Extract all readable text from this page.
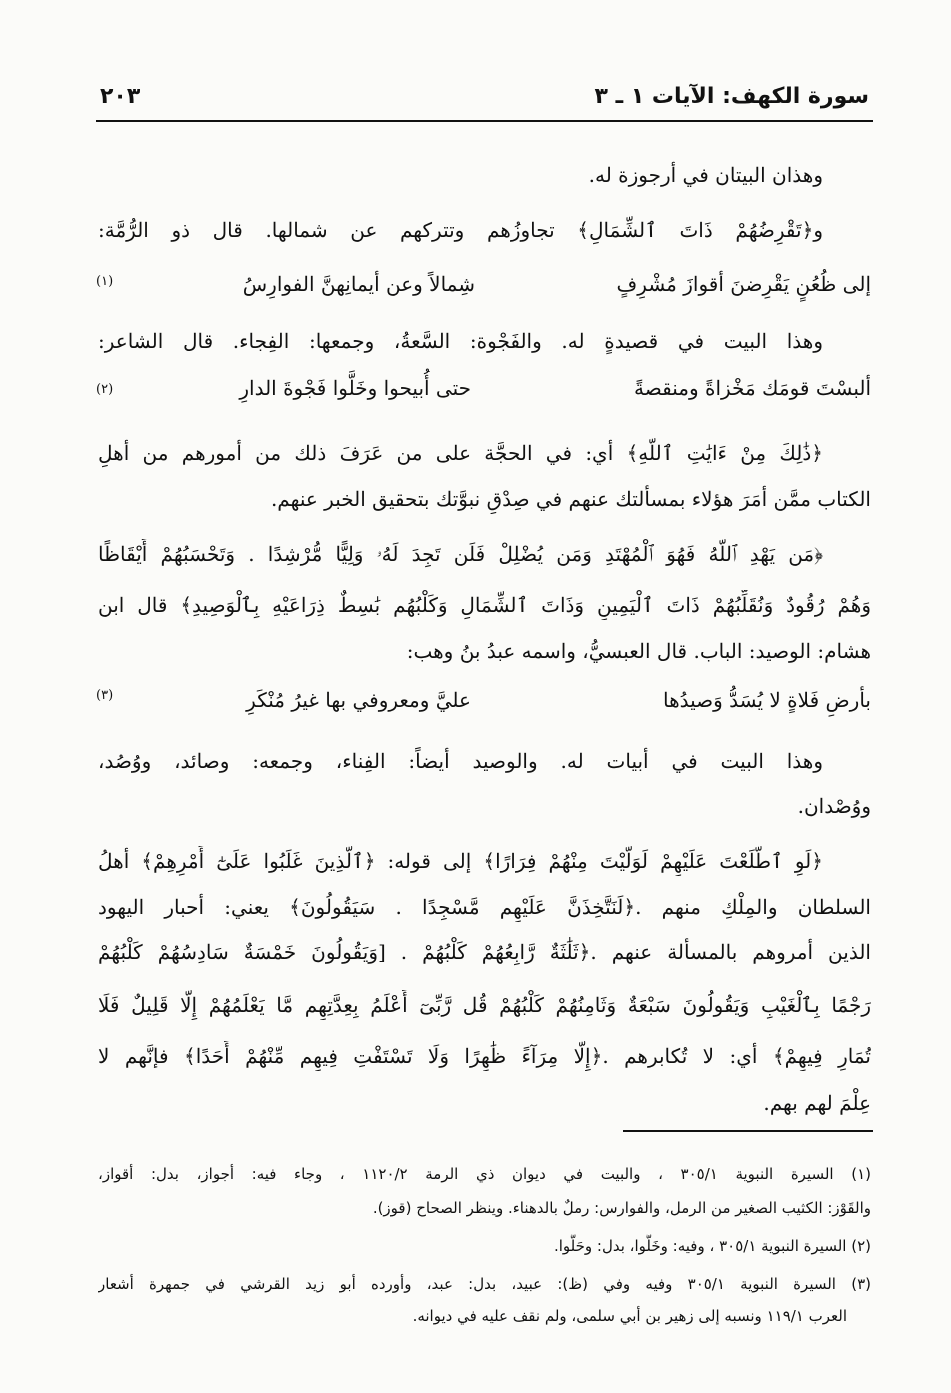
سورة الكهف: الآيات ١ ـ ٣
٢٠٣
وهذان البيتان في أرجوزة له.
و﴿تَقْرِضُهُمْ ذَاتَ ٱلشِّمَالِ﴾ تجاوزُهم وتتركهم عن شمالها. قال ذو الرُّمَّة:
إلى ظُعُنٍ يَقْرِضنَ أقوازَ مُشْرِفٍ
شِمالاً وعن أيمانِهنَّ الفوارِسُ
(١)
وهذا البيت في قصيدةٍ له. والفَجْوة: السَّعةُ، وجمعها: الفِجاء. قال الشاعر:
ألبسْتَ قومَك مَخْزاةً ومنقصةً
حتى أُبيحوا وخَلَّوا فَجْوةَ الدارِ
(٢)
﴿ذَٰلِكَ مِنْ ءَايَٰتِ ٱللَّهِ﴾ أي: في الحجَّة على من عَرَفَ ذلك من أمورهم من أهلِ
الكتاب ممَّن أمَرَ هؤلاء بمسألتك عنهم في صِدْقِ نبوَّتك بتحقيق الخبر عنهم.
﴿مَن يَهْدِ ٱللَّهُ فَهُوَ ٱلْمُهْتَدِ وَمَن يُضْلِلْ فَلَن تَجِدَ لَهُۥ وَلِيًّا مُّرْشِدًا . وَتَحْسَبُهُمْ أَيْقَاظًا
وَهُمْ رُقُودٌ وَنُقَلِّبُهُمْ ذَاتَ ٱلْيَمِينِ وَذَاتَ ٱلشِّمَالِ وَكَلْبُهُم بَٰسِطٌ ذِرَاعَيْهِ بِٱلْوَصِيدِ﴾ قال ابن
هشام: الوصيد: الباب. قال العبسيُّ، واسمه عبدُ بنُ وهب:
بأرضِ فَلاةٍ لا يُسَدُّ وَصيدُها
عليَّ ومعروفي بها غيرُ مُنْكَرِ
(٣)
وهذا البيت في أبيات له. والوصيد أيضاً: الفِناء، وجمعه: وصائد، ووُصُد،
ووُصْدان.
﴿لَوِ ٱطَّلَعْتَ عَلَيْهِمْ لَوَلَّيْتَ مِنْهُمْ فِرَارًا﴾ إلى قوله: ﴿ٱلَّذِينَ غَلَبُوا عَلَىٰٓ أَمْرِهِمْ﴾ أهلُ
السلطان والمِلْكِ منهم .﴿لَنَتَّخِذَنَّ عَلَيْهِم مَّسْجِدًا . سَيَقُولُونَ﴾ يعني: أحبار اليهود
الذين أمروهم بالمسألة عنهم .﴿ثَلَٰثَةٌ رَّابِعُهُمْ كَلْبُهُمْ . [وَيَقُولُونَ خَمْسَةٌ سَادِسُهُمْ كَلْبُهُمْ
رَجْمًا بِٱلْغَيْبِ وَيَقُولُونَ سَبْعَةٌ وَثَامِنُهُمْ كَلْبُهُمْ قُل رَّبِّىٓ أَعْلَمُ بِعِدَّتِهِم مَّا يَعْلَمُهُمْ إِلَّا قَلِيلٌ فَلَا
تُمَارِ فِيهِمْ﴾ أي: لا تُكابرهم .﴿إِلَّا مِرَآءً ظَٰهِرًا وَلَا تَسْتَفْتِ فِيهِم مِّنْهُمْ أَحَدًا﴾ فإنَّهم لا
عِلْمَ لهم بهم.
(١) السيرة النبوية ٣٠٥/١ ، والبيت في ديوان ذي الرمة ١١٢٠/٢ ، وجاء فيه: أجواز، بدل: أقواز،
والقَوْز: الكثيب الصغير من الرمل، والفوارس: رملٌ بالدهناء. وينظر الصحاح (قوز).
(٢) السيرة النبوية ٣٠٥/١ ، وفيه: وخَلَّوا، بدل: وحَلُّوا.
(٣) السيرة النبوية ٣٠٥/١ وفيه وفي (ظ): عبيد، بدل: عبد، وأورده أبو زيد القرشي في جمهرة أشعار
العرب ١١٩/١ ونسبه إلى زهير بن أبي سلمى، ولم نقف عليه في ديوانه.
